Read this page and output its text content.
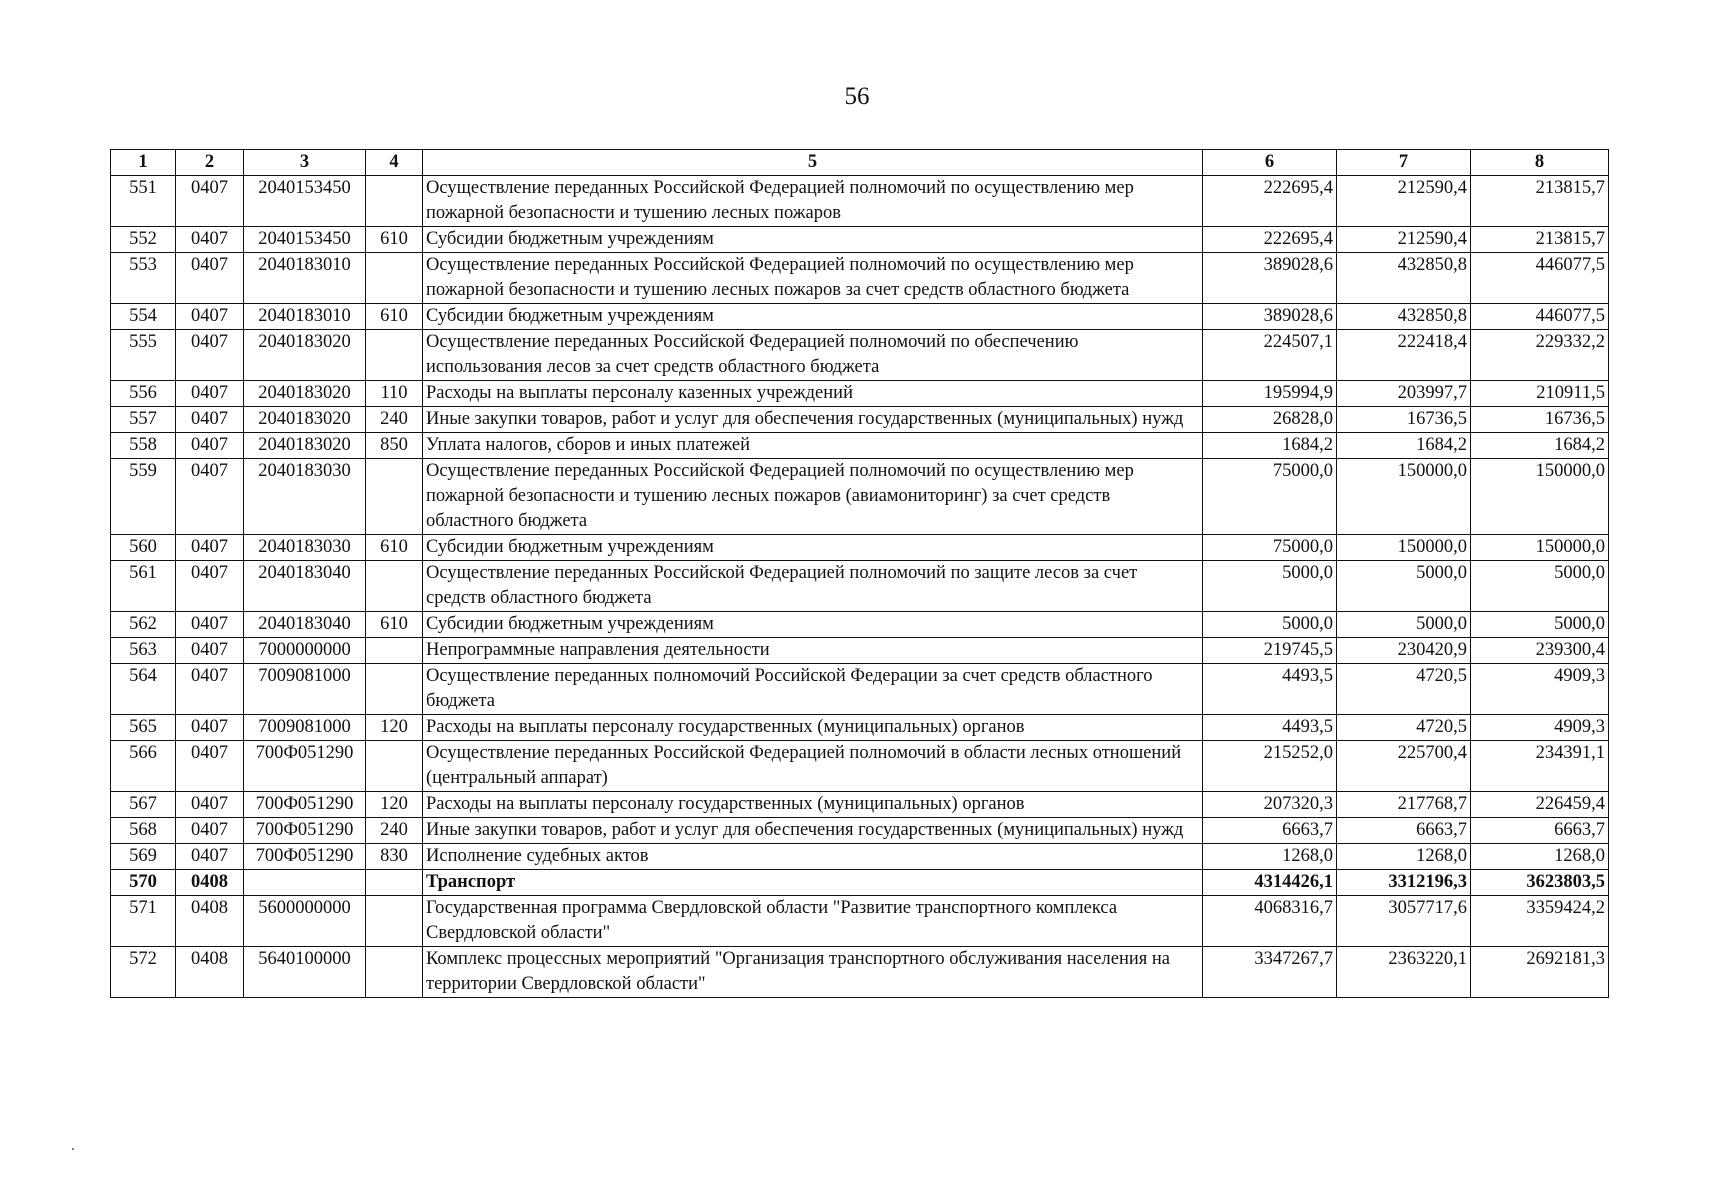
56
1	2	3	4	5	6	7	8
551	0407	2040153450		Осуществление переданных Российской Федерацией полномочий по осуществлению мер пожарной безопасности и тушению лесных пожаров	222695,4	212590,4	213815,7
552	0407	2040153450	610	Субсидии бюджетным учреждениям	222695,4	212590,4	213815,7
553	0407	2040183010		Осуществление переданных Российской Федерацией полномочий по осуществлению мер пожарной безопасности и тушению лесных пожаров за счет средств областного бюджета	389028,6	432850,8	446077,5
554	0407	2040183010	610	Субсидии бюджетным учреждениям	389028,6	432850,8	446077,5
555	0407	2040183020		Осуществление переданных Российской Федерацией полномочий по обеспечению использования лесов за счет средств областного бюджета	224507,1	222418,4	229332,2
556	0407	2040183020	110	Расходы на выплаты персоналу казенных учреждений	195994,9	203997,7	210911,5
557	0407	2040183020	240	Иные закупки товаров, работ и услуг для обеспечения государственных (муниципальных) нужд	26828,0	16736,5	16736,5
558	0407	2040183020	850	Уплата налогов, сборов и иных платежей	1684,2	1684,2	1684,2
559	0407	2040183030		Осуществление переданных Российской Федерацией полномочий по осуществлению мер пожарной безопасности и тушению лесных пожаров (авиамониторинг) за счет средств областного бюджета	75000,0	150000,0	150000,0
560	0407	2040183030	610	Субсидии бюджетным учреждениям	75000,0	150000,0	150000,0
561	0407	2040183040		Осуществление переданных Российской Федерацией полномочий по защите лесов за счет средств областного бюджета	5000,0	5000,0	5000,0
562	0407	2040183040	610	Субсидии бюджетным учреждениям	5000,0	5000,0	5000,0
563	0407	7000000000		Непрограммные направления деятельности	219745,5	230420,9	239300,4
564	0407	7009081000		Осуществление переданных полномочий Российской Федерации за счет средств областного бюджета	4493,5	4720,5	4909,3
565	0407	7009081000	120	Расходы на выплаты персоналу государственных (муниципальных) органов	4493,5	4720,5	4909,3
566	0407	700Ф051290		Осуществление переданных Российской Федерацией полномочий в области лесных отношений (центральный аппарат)	215252,0	225700,4	234391,1
567	0407	700Ф051290	120	Расходы на выплаты персоналу государственных (муниципальных) органов	207320,3	217768,7	226459,4
568	0407	700Ф051290	240	Иные закупки товаров, работ и услуг для обеспечения государственных (муниципальных) нужд	6663,7	6663,7	6663,7
569	0407	700Ф051290	830	Исполнение судебных актов	1268,0	1268,0	1268,0
570	0408			Транспорт	4314426,1	3312196,3	3623803,5
571	0408	5600000000		Государственная программа Свердловской области "Развитие транспортного комплекса Свердловской области"	4068316,7	3057717,6	3359424,2
572	0408	5640100000		Комплекс процессных мероприятий "Организация транспортного обслуживания населения на территории Свердловской области"	3347267,7	2363220,1	2692181,3
